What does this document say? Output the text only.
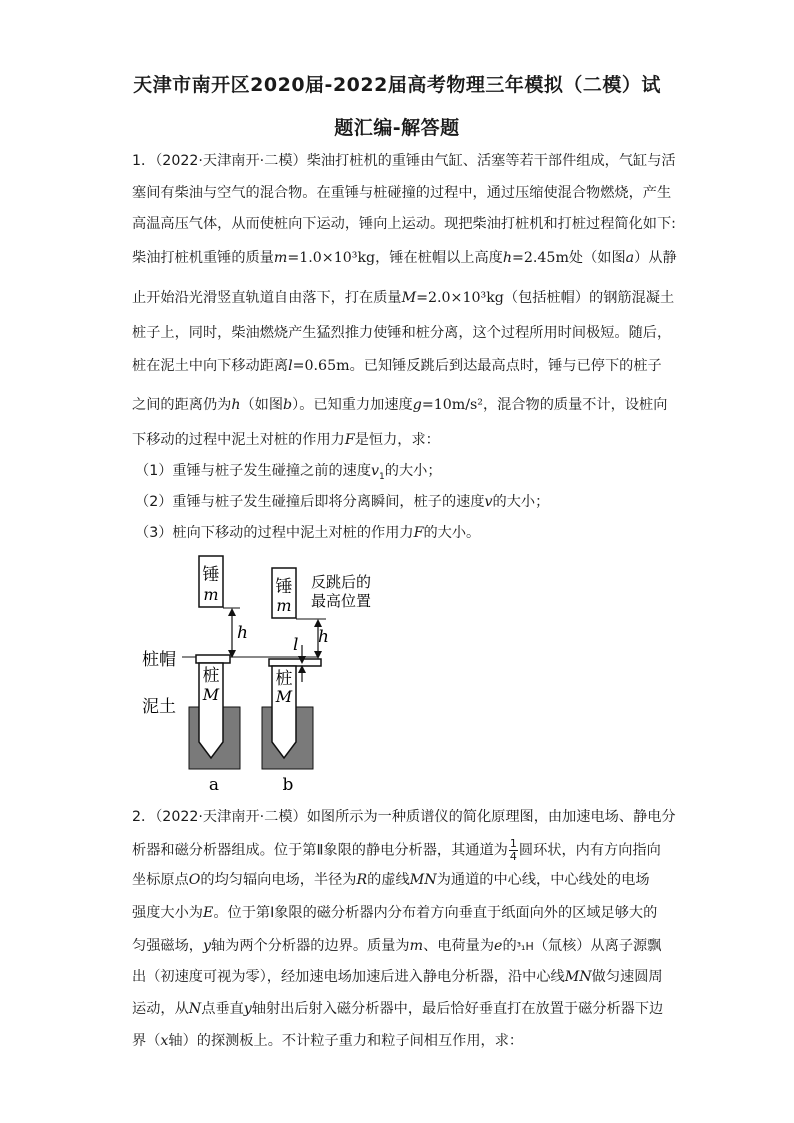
天津市南开区2020届-2022届高考物理三年模拟（二模）试
题汇编-解答题
1．（2022·天津南开·二模）柴油打桩机的重锤由气缸、活塞等若干部件组成，气缸与活
塞间有柴油与空气的混合物。在重锤与桩碰撞的过程中，通过压缩使混合物燃烧，产生
高温高压气体，从而使桩向下运动，锤向上运动。现把柴油打桩机和打桩过程简化如下:
柴油打桩机重锤的质量m=1.0×10³kg，锤在桩帽以上高度h=2.45m处（如图a）从静
止开始沿光滑竖直轨道自由落下，打在质量M=2.0×10³kg（包括桩帽）的钢筋混凝土
桩子上，同时，柴油燃烧产生猛烈推力使锤和桩分离，这个过程所用时间极短。随后，
桩在泥土中向下移动距离l=0.65m。已知锤反跳后到达最高点时，锤与已停下的桩子
之间的距离仍为h（如图b）。已知重力加速度g=10m/s²，混合物的质量不计，设桩向
下移动的过程中泥土对桩的作用力F是恒力，求：
（1）重锤与桩子发生碰撞之前的速度$v_1$的大小；
（2）重锤与桩子发生碰撞后即将分离瞬间，桩子的速度v的大小；
（3）桩向下移动的过程中泥土对桩的作用力F的大小。
锤
m	锤
m
反跳后的
最高位置
h	h
桩帽
泥土
桩
M
桩
M
l
a	b
2．（2022·天津南开·二模）如图所示为一种质谱仪的简化原理图，由加速电场、静电分
析器和磁分析器组成。位于第Ⅱ象限的静电分析器，其通道为 $\frac{1}{4}$ 圆环状，内有方向指向
坐标原点O的均匀辐向电场，半径为R的虚线MN为通道的中心线，中心线处的电场
强度大小为E。位于第Ⅰ象限的磁分析器内分布着方向垂直于纸面向外的区域足够大的
匀强磁场，y轴为两个分析器的边界。质量为m、电荷量为e的³₁H（氚核）从离子源飘
出（初速度可视为零），经加速电场加速后进入静电分析器，沿中心线MN做匀速圆周
运动，从N点垂直y轴射出后射入磁分析器中，最后恰好垂直打在放置于磁分析器下边
界（x轴）的探测板上。不计粒子重力和粒子间相互作用，求：
